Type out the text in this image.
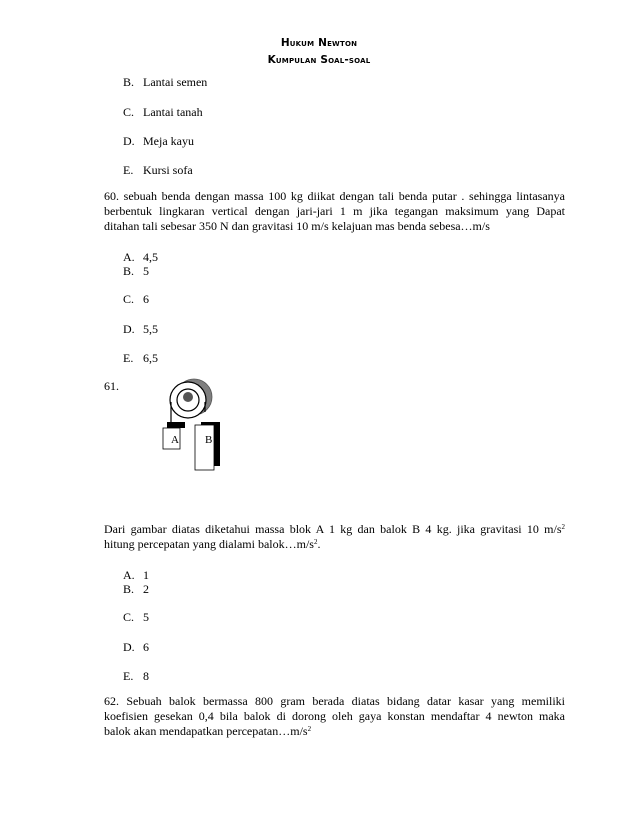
Hukum Newton
Kumpulan Soal-soal
B. Lantai semen
C. Lantai tanah
D. Meja kayu
E. Kursi sofa
60. sebuah benda dengan massa 100 kg diikat dengan tali benda putar . sehingga lintasanya
berbentuk lingkaran vertical dengan jari-jari 1 m jika tegangan maksimum yang Dapat
ditahan tali sebesar 350 N dan gravitasi 10 m/s kelajuan mas benda sebesa…m/s
A. 4,5
B. 5
C. 6
D. 5,5
E. 6,5
61.
A B
Dari gambar diatas diketahui massa blok A 1 kg dan balok B 4 kg. jika gravitasi 10 $m/s^2$
hitung percepatan yang dialami $balok\dots m/s^2$.
A. 1
B. 2
C. 5
D. 6
E. 8
62. Sebuah balok bermassa 800 gram berada diatas bidang datar kasar yang memiliki
koefisien gesekan 0,4 bila balok di dorong oleh gaya konstan mendaftar 4 newton maka
balok akan mendapatkan $percepatan\dots m/s^2$
